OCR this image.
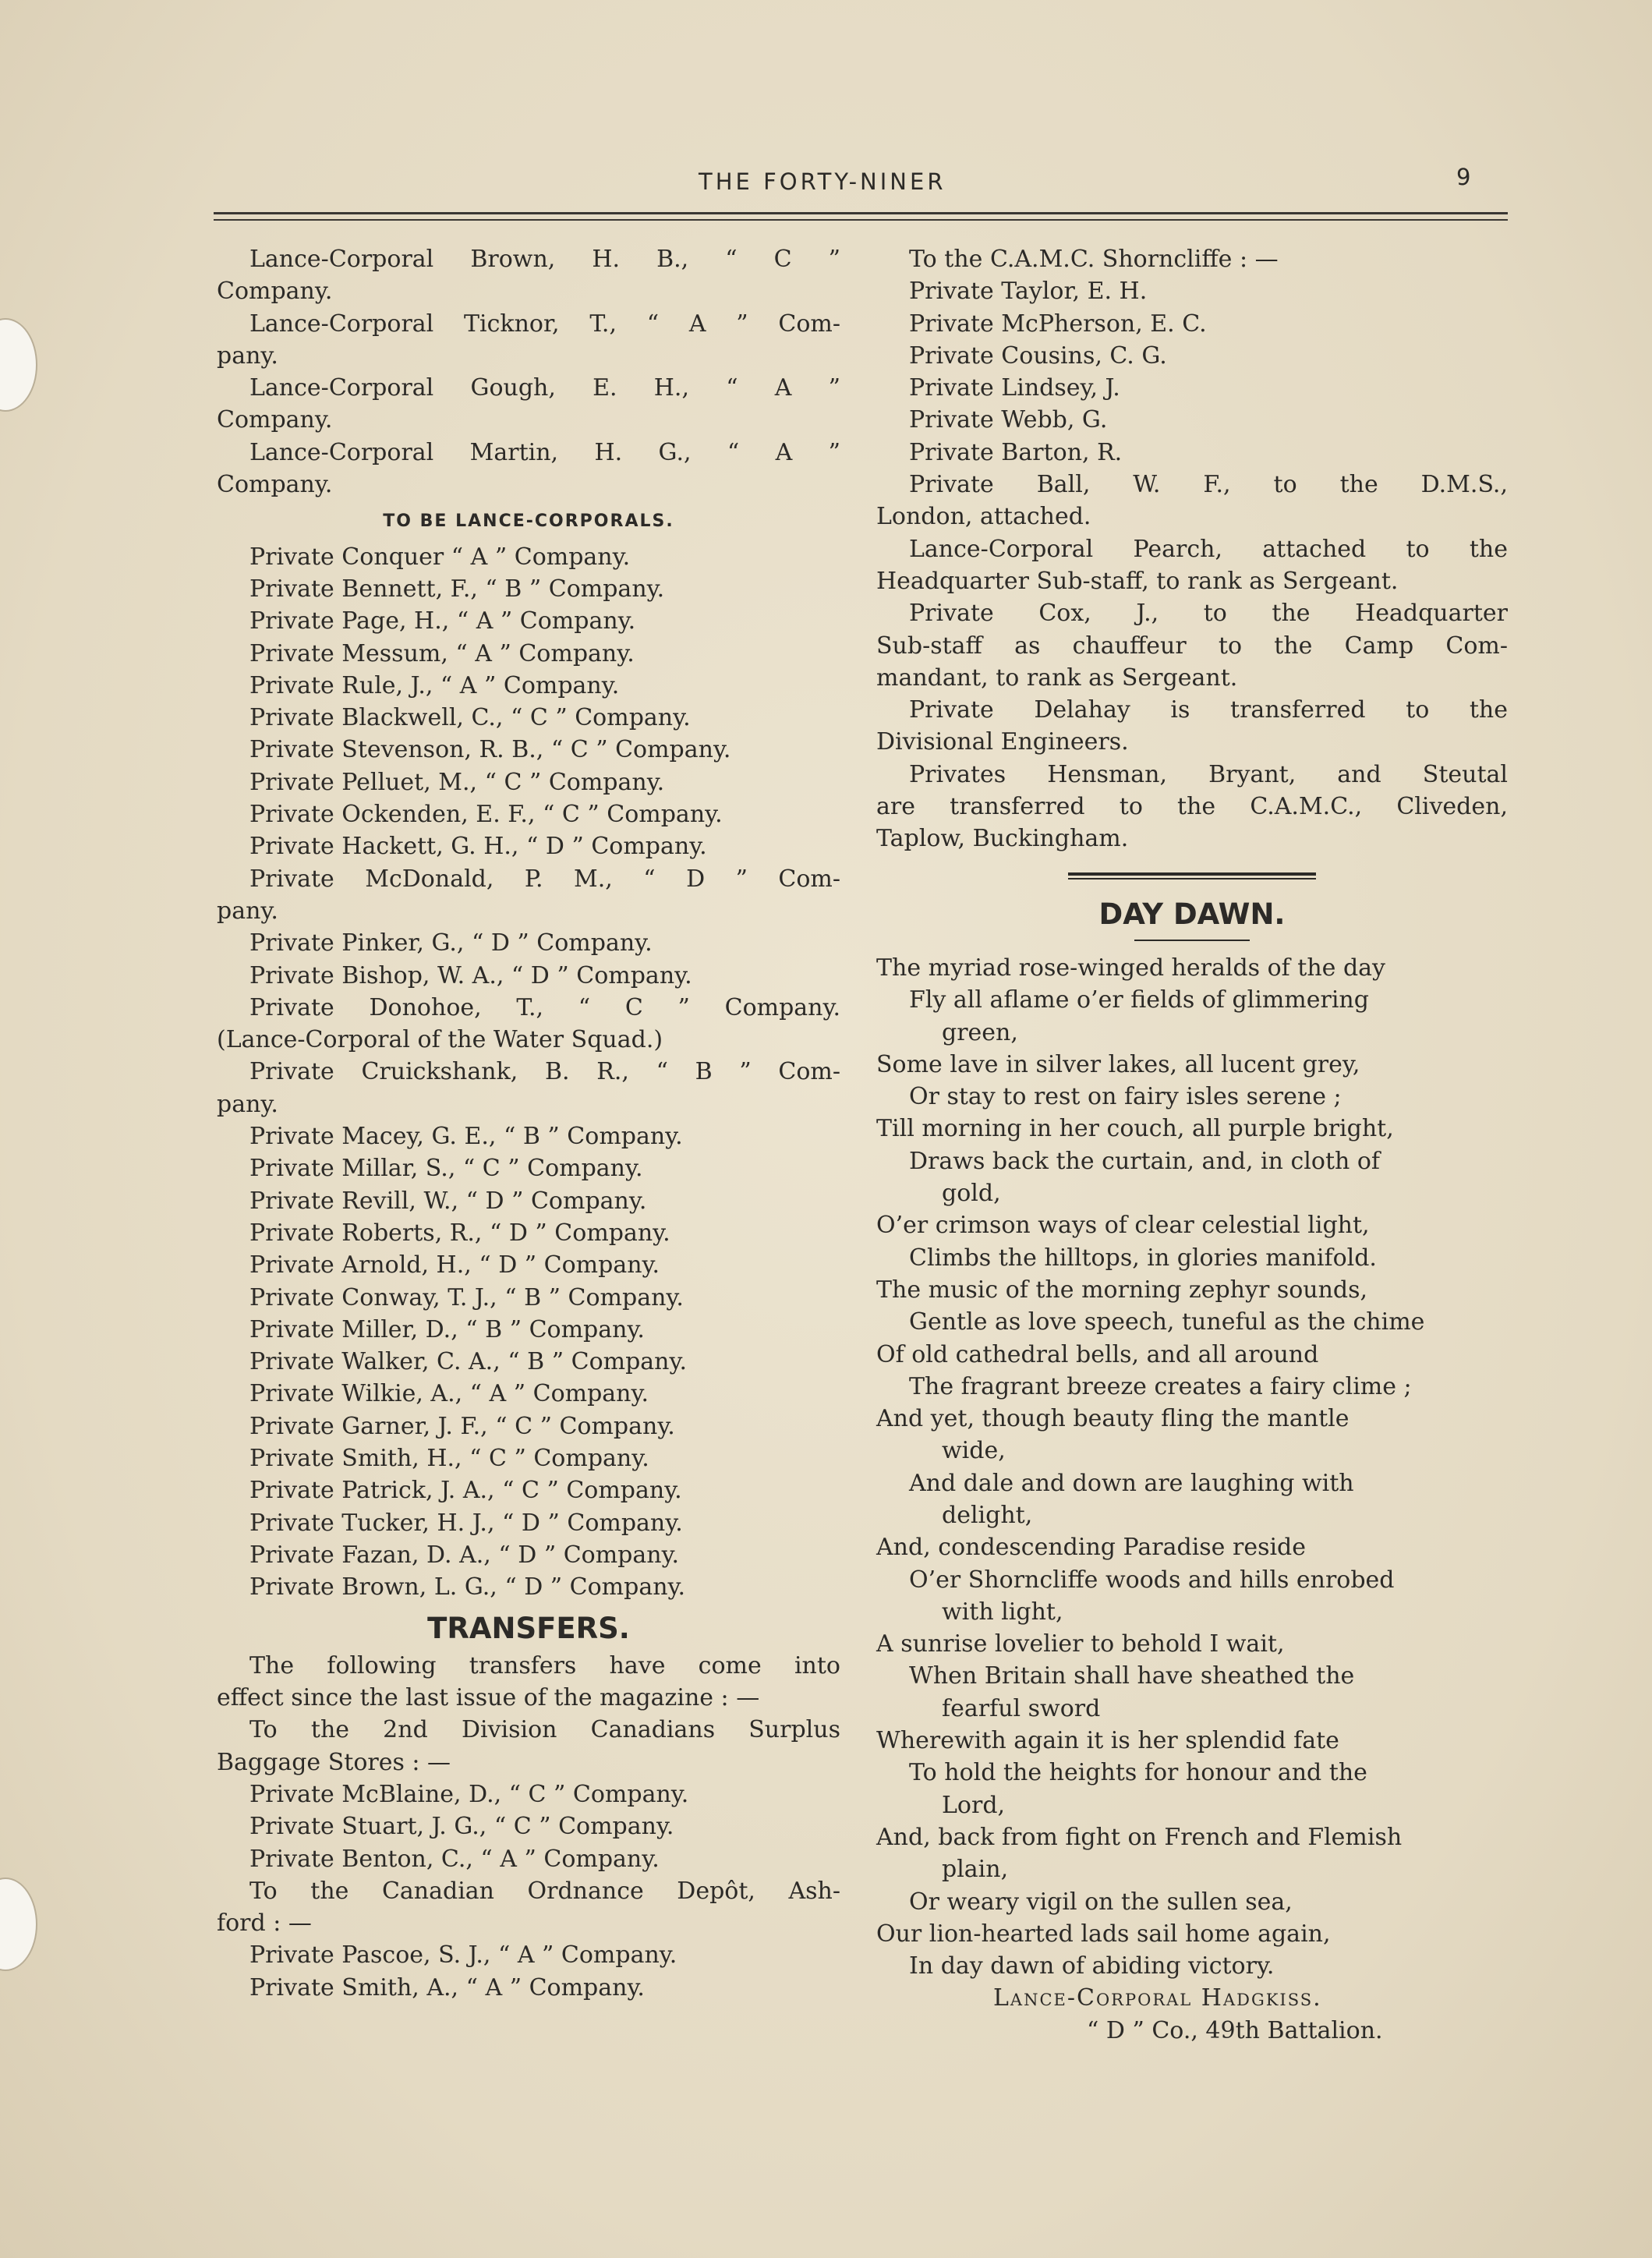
THE FORTY-NINER	9
Lance-Corporal Brown, H. B., “ C ”
Company.
Lance-Corporal Ticknor, T., “ A ” Com-
pany.
Lance-Corporal Gough, E. H., “ A ”
Company.
Lance-Corporal Martin, H. G., “ A ”
Company.
TO BE LANCE-CORPORALS.
Private Conquer “ A ” Company.
Private Bennett, F., “ B ” Company.
Private Page, H., “ A ” Company.
Private Messum, “ A ” Company.
Private Rule, J., “ A ” Company.
Private Blackwell, C., “ C ” Company.
Private Stevenson, R. B., “ C ” Company.
Private Pelluet, M., “ C ” Company.
Private Ockenden, E. F., “ C ” Company.
Private Hackett, G. H., “ D ” Company.
Private McDonald, P. M., “ D ” Com-
pany.
Private Pinker, G., “ D ” Company.
Private Bishop, W. A., “ D ” Company.
Private Donohoe, T., “ C ” Company.
(Lance-Corporal of the Water Squad.)
Private Cruickshank, B. R., “ B ” Com-
pany.
Private Macey, G. E., “ B ” Company.
Private Millar, S., “ C ” Company.
Private Revill, W., “ D ” Company.
Private Roberts, R., “ D ” Company.
Private Arnold, H., “ D ” Company.
Private Conway, T. J., “ B ” Company.
Private Miller, D., “ B ” Company.
Private Walker, C. A., “ B ” Company.
Private Wilkie, A., “ A ” Company.
Private Garner, J. F., “ C ” Company.
Private Smith, H., “ C ” Company.
Private Patrick, J. A., “ C ” Company.
Private Tucker, H. J., “ D ” Company.
Private Fazan, D. A., “ D ” Company.
Private Brown, L. G., “ D ” Company.
TRANSFERS.
The following transfers have come into
effect since the last issue of the magazine : —
To the 2nd Division Canadians Surplus
Baggage Stores : —
Private McBlaine, D., “ C ” Company.
Private Stuart, J. G., “ C ” Company.
Private Benton, C., “ A ” Company.
To the Canadian Ordnance Depôt, Ash-
ford : —
Private Pascoe, S. J., “ A ” Company.
Private Smith, A., “ A ” Company.
To the C.A.M.C. Shorncliffe : —
Private Taylor, E. H.
Private McPherson, E. C.
Private Cousins, C. G.
Private Lindsey, J.
Private Webb, G.
Private Barton, R.
Private Ball, W. F., to the D.M.S.,
London, attached.
Lance-Corporal Pearch, attached to the
Headquarter Sub-staff, to rank as Sergeant.
Private Cox, J., to the Headquarter
Sub-staff as chauffeur to the Camp Com-
mandant, to rank as Sergeant.
Private Delahay is transferred to the
Divisional Engineers.
Privates Hensman, Bryant, and Steutal
are transferred to the C.A.M.C., Cliveden,
Taplow, Buckingham.
DAY DAWN.
The myriad rose-winged heralds of the day
Fly all aflame o’er fields of glimmering
green,
Some lave in silver lakes, all lucent grey,
Or stay to rest on fairy isles serene ;
Till morning in her couch, all purple bright,
Draws back the curtain, and, in cloth of
gold,
O’er crimson ways of clear celestial light,
Climbs the hilltops, in glories manifold.
The music of the morning zephyr sounds,
Gentle as love speech, tuneful as the chime
Of old cathedral bells, and all around
The fragrant breeze creates a fairy clime ;
And yet, though beauty fling the mantle
wide,
And dale and down are laughing with
delight,
And, condescending Paradise reside
O’er Shorncliffe woods and hills enrobed
with light,
A sunrise lovelier to behold I wait,
When Britain shall have sheathed the
fearful sword
Wherewith again it is her splendid fate
To hold the heights for honour and the
Lord,
And, back from fight on French and Flemish
plain,
Or weary vigil on the sullen sea,
Our lion-hearted lads sail home again,
In day dawn of abiding victory.
Lance-Corporal Hadgkiss.
“ D ” Co., 49th Battalion.
